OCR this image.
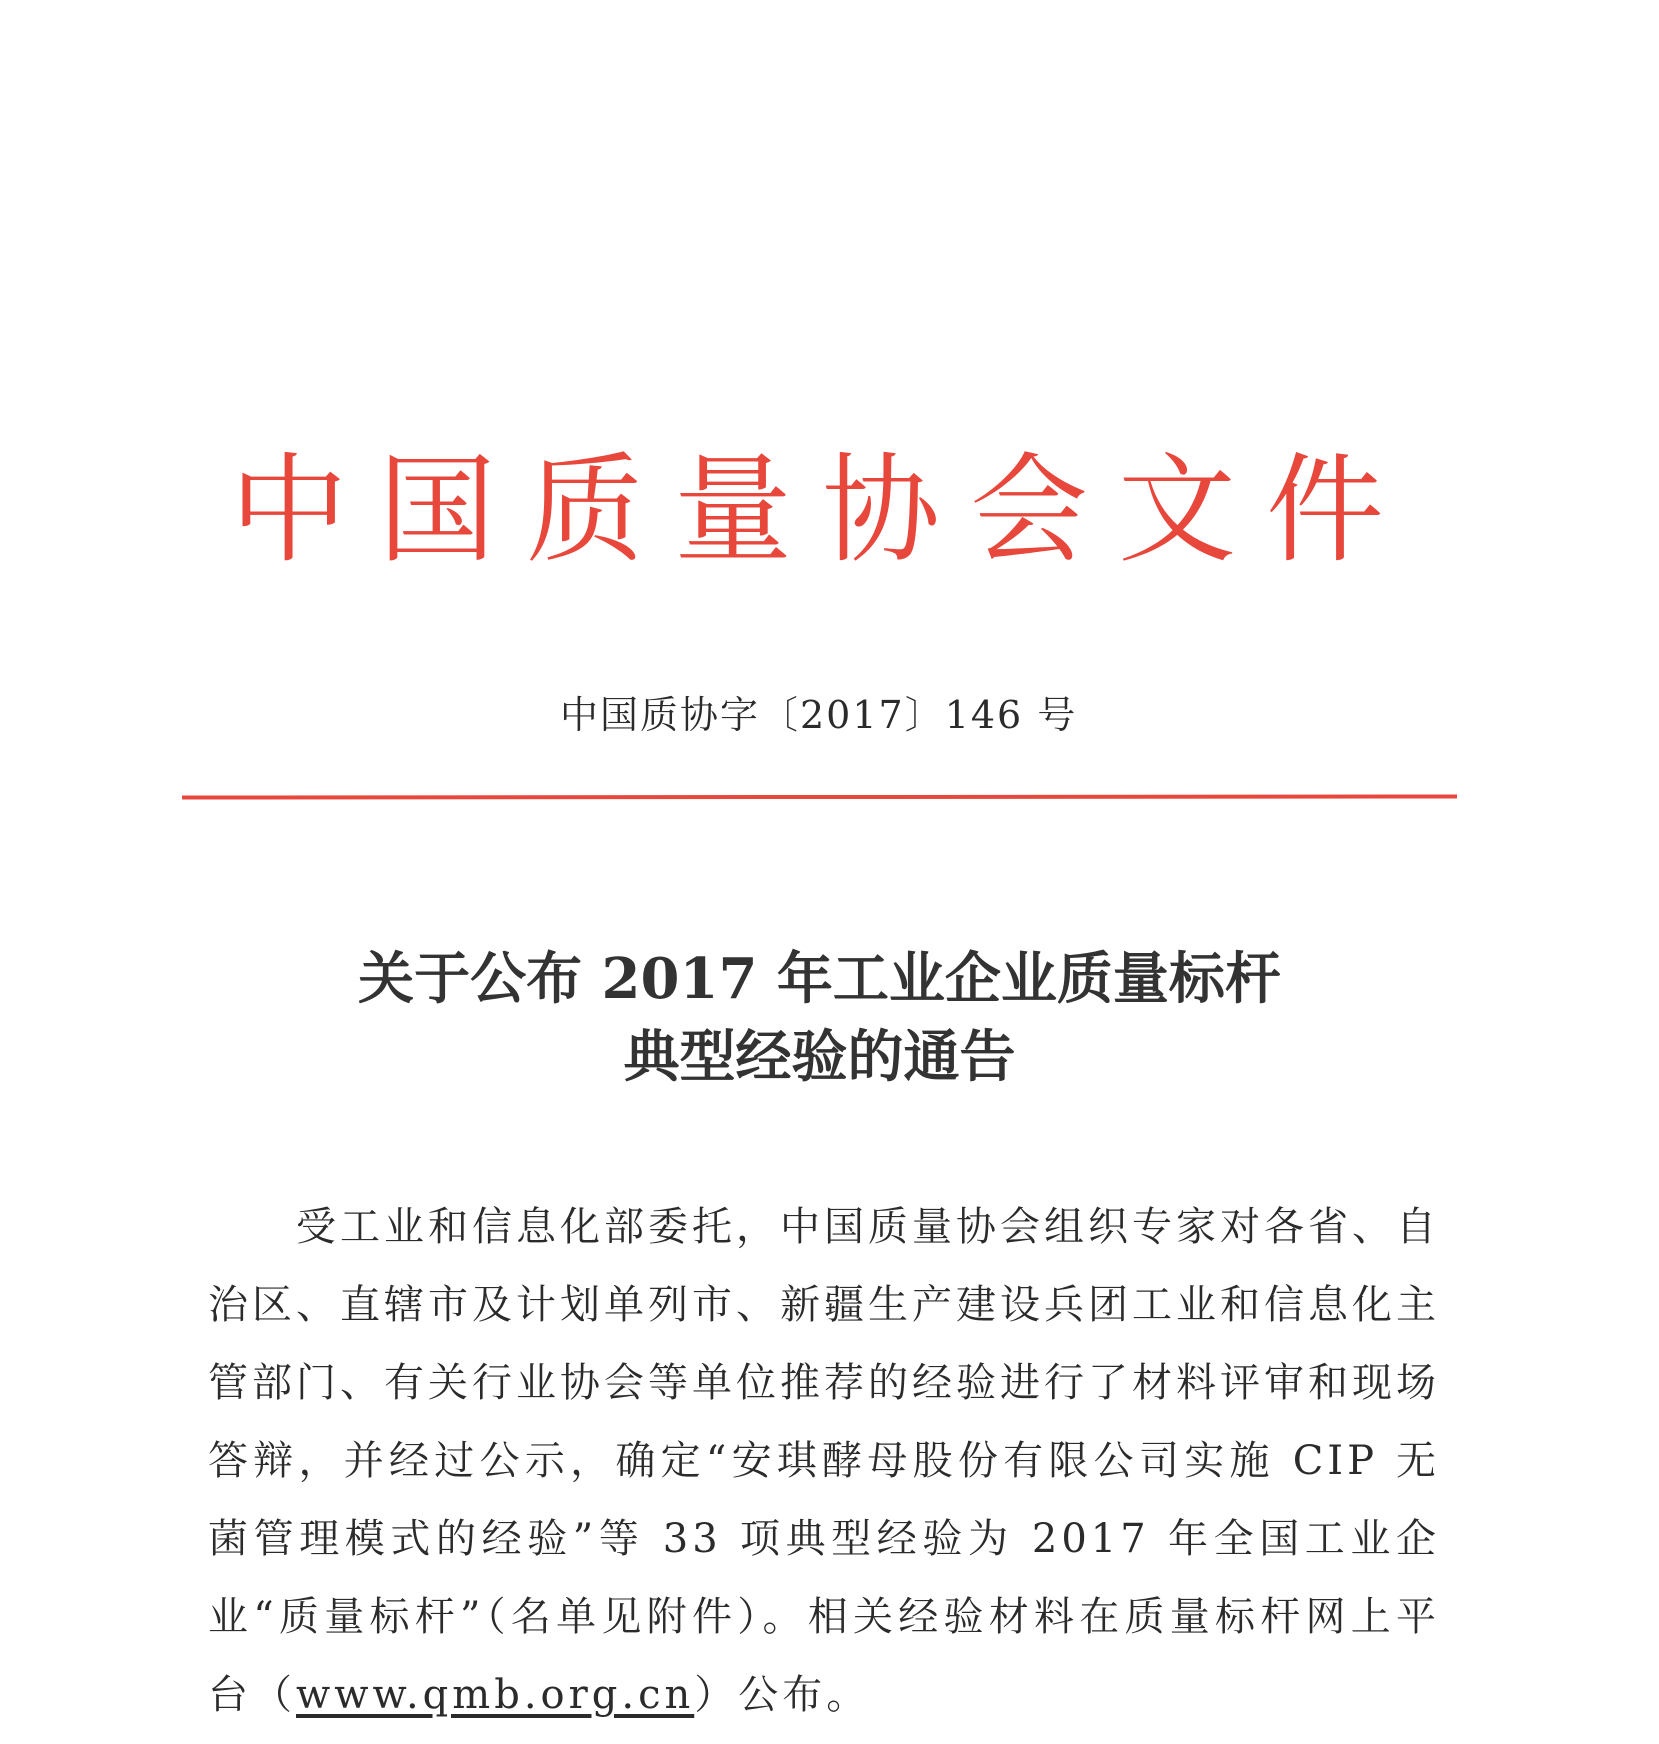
中国质量协会文件
中国质协字〔2017〕146 号
关于公布 2017 年工业企业质量标杆
典型经验的通告
受工业和信息化部委托，中国质量协会组织专家对各省、自治区、直辖市及计划单列市、新疆生产建设兵团工业和信息化主管部门、有关行业协会等单位推荐的经验进行了材料评审和现场答辩，并经过公示，确定“安琪酵母股份有限公司实施 CIP 无菌管理模式的经验”等 33 项典型经验为 2017 年全国工业企业“质量标杆”（名单见附件）。相关经验材料在质量标杆网上平台（www.qmb.org.cn）公布。
